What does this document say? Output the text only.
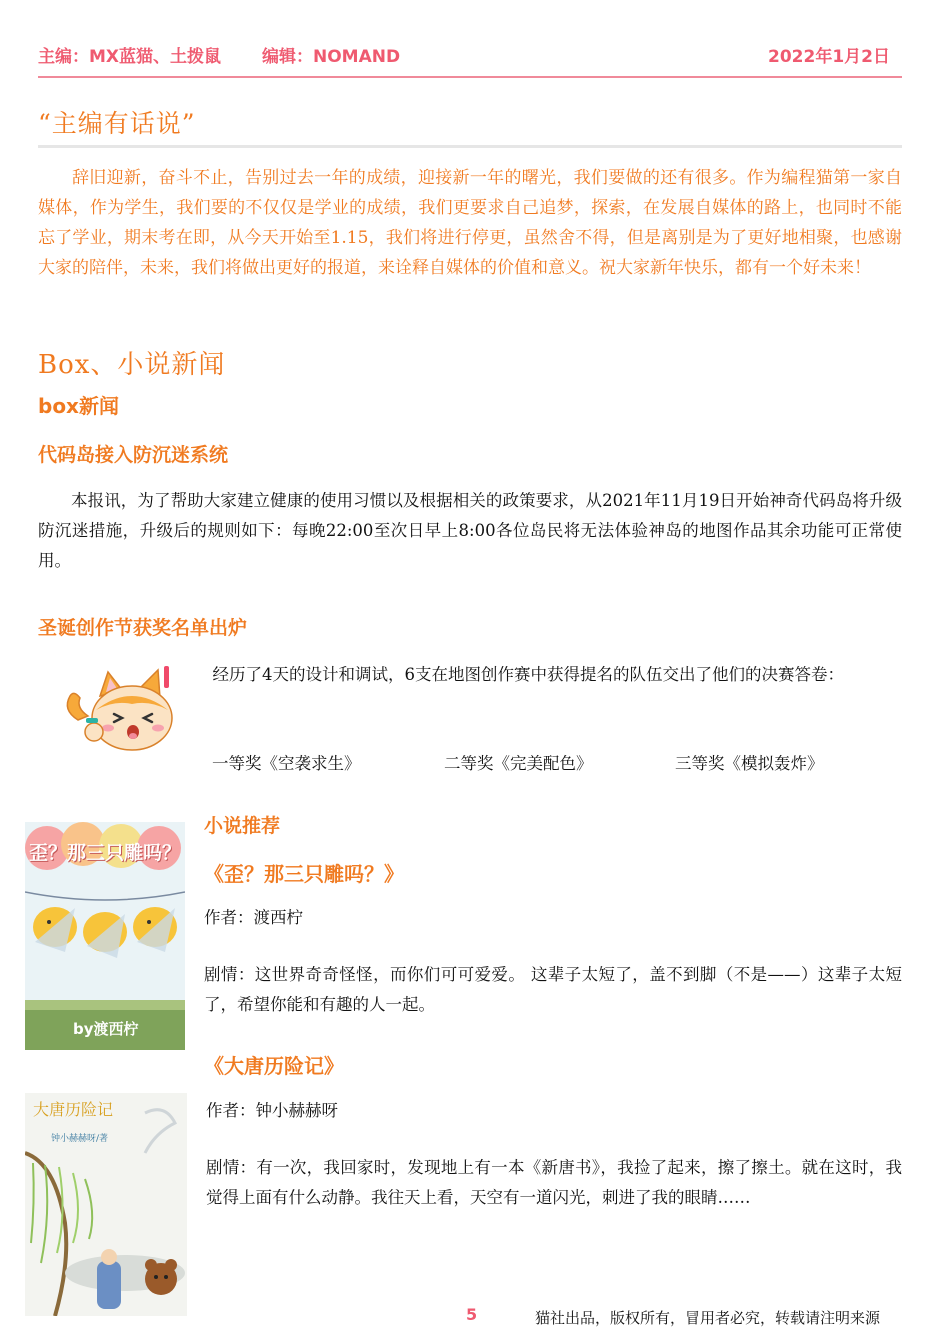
主编：MX蓝猫、土拨鼠 编辑：NOMAND	2022年1月2日
“主编有话说”

辞旧迎新，奋斗不止，告别过去一年的成绩，迎接新一年的曙光，我们要做的还有很多。作为编程猫第一家自媒体，作为学生，我们要的不仅仅是学业的成绩，我们更要求自己追梦，探索，在发展自媒体的路上，也同时不能忘了学业，期末考在即，从今天开始至1.15，我们将进行停更，虽然舍不得，但是离别是为了更好地相聚，也感谢大家的陪伴，未来，我们将做出更好的报道，来诠释自媒体的价值和意义。祝大家新年快乐，都有一个好未来！

Box、小说新闻
box新闻
代码岛接入防沉迷系统

本报讯，为了帮助大家建立健康的使用习惯以及根据相关的政策要求，从2021年11月19日开始神奇代码岛将升级防沉迷措施，升级后的规则如下：每晚22:00至次日早上8:00各位岛民将无法体验神岛的地图作品其余功能可正常使用。

圣诞创作节获奖名单出炉

经历了4天的设计和调试，6支在地图创作赛中获得提名的队伍交出了他们的决赛答卷：

一等奖《空袭求生》	二等奖《完美配色》	三等奖《模拟轰炸》
小说推荐
歪？那三只雕吗？
by渡西柠
《歪？那三只雕吗？》
作者：渡西柠

剧情：这世界奇奇怪怪，而你们可可爱爱。 这辈子太短了，盖不到脚（不是——）这辈子太短了，希望你能和有趣的人一起。

《大唐历险记》
大唐历险记
钟小赫赫呀/著
作者：钟小赫赫呀

剧情：有一次，我回家时，发现地上有一本《新唐书》，我捡了起来，擦了擦土。就在这时，我觉得上面有什么动静。我往天上看，天空有一道闪光，刺进了我的眼睛……

5	猫社出品，版权所有，冒用者必究，转载请注明来源
